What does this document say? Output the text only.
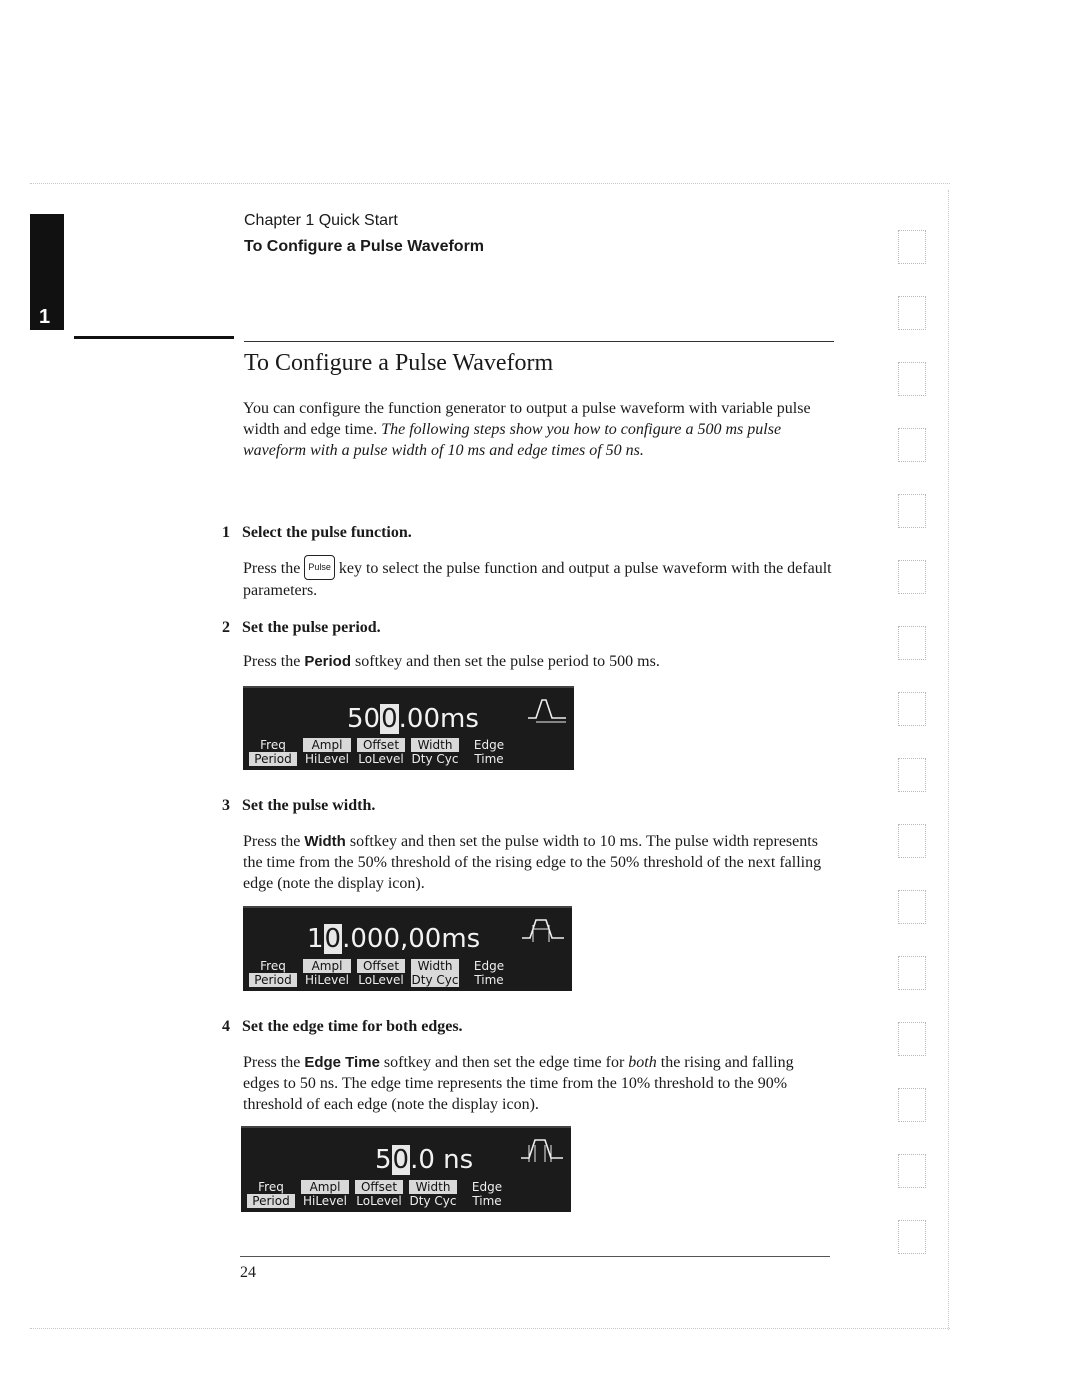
1
Chapter 1 Quick Start
To Configure a Pulse Waveform
To Configure a Pulse Waveform
You can configure the function generator to output a pulse waveform with variable pulse width and edge time. The following steps show you how to configure a 500 ms pulse waveform with a pulse width of 10 ms and edge times of 50 ns.
1 Select the pulse function.
Press the Pulse key to select the pulse function and output a pulse waveform with the default parameters.
2 Set the pulse period.
Press the Period softkey and then set the pulse period to 500 ms.
500.00ms
Freq
Period
Ampl
HiLevel
Offset
LoLevel
Width
Dty Cyc
Edge
Time
3 Set the pulse width.
Press the Width softkey and then set the pulse width to 10 ms. The pulse width represents the time from the 50% threshold of the rising edge to the 50% threshold of the next falling edge (note the display icon).
10.000,00ms
Freq
Period
Ampl
HiLevel
Offset
LoLevel
Width
Dty Cyc
Edge
Time
4 Set the edge time for both edges.
Press the Edge Time softkey and then set the edge time for both the rising and falling edges to 50 ns. The edge time represents the time from the 10% threshold to the 90% threshold of each edge (note the display icon).
50.0 ns
Freq
Period
Ampl
HiLevel
Offset
LoLevel
Width
Dty Cyc
Edge
Time
24
